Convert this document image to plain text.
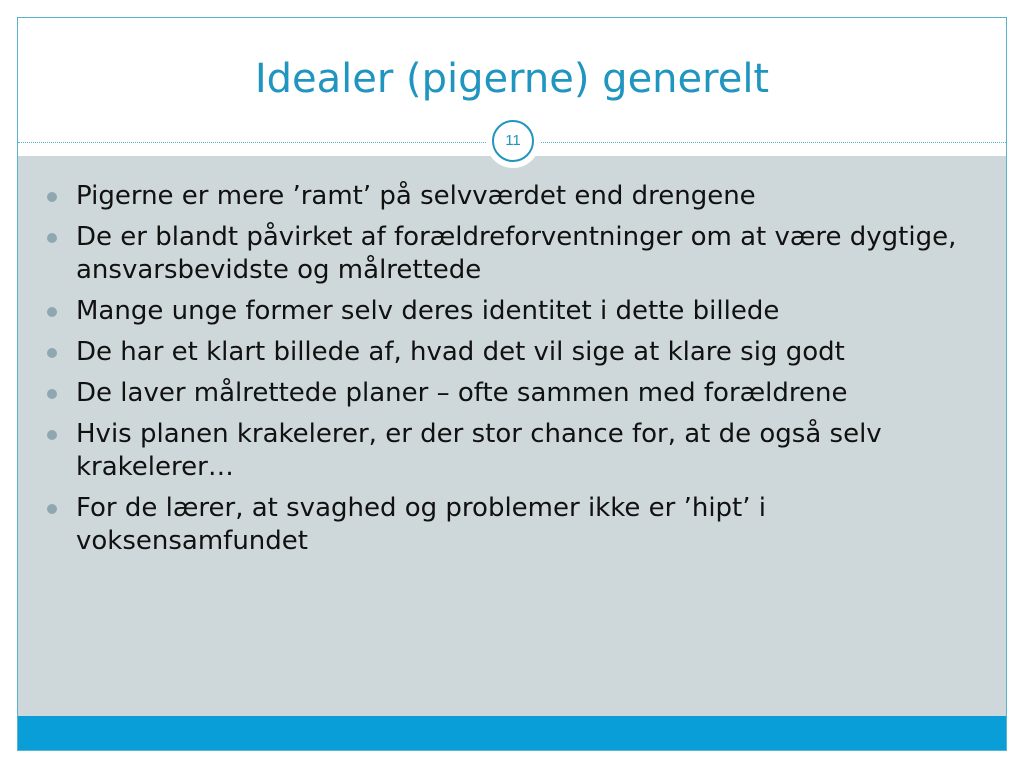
Idealer (pigerne) generelt
11
Pigerne er mere ’ramt’ på selvværdet end drengene
De er blandt påvirket af forældreforventninger om at være dygtige, ansvarsbevidste og målrettede
Mange unge former selv deres identitet i dette billede
De har et klart billede af, hvad det vil sige at klare sig godt
De laver målrettede planer – ofte sammen med forældrene
Hvis planen krakelerer, er der stor chance for, at de også selv krakelerer…
For de lærer, at svaghed og problemer ikke er ’hipt’ i voksensamfundet
